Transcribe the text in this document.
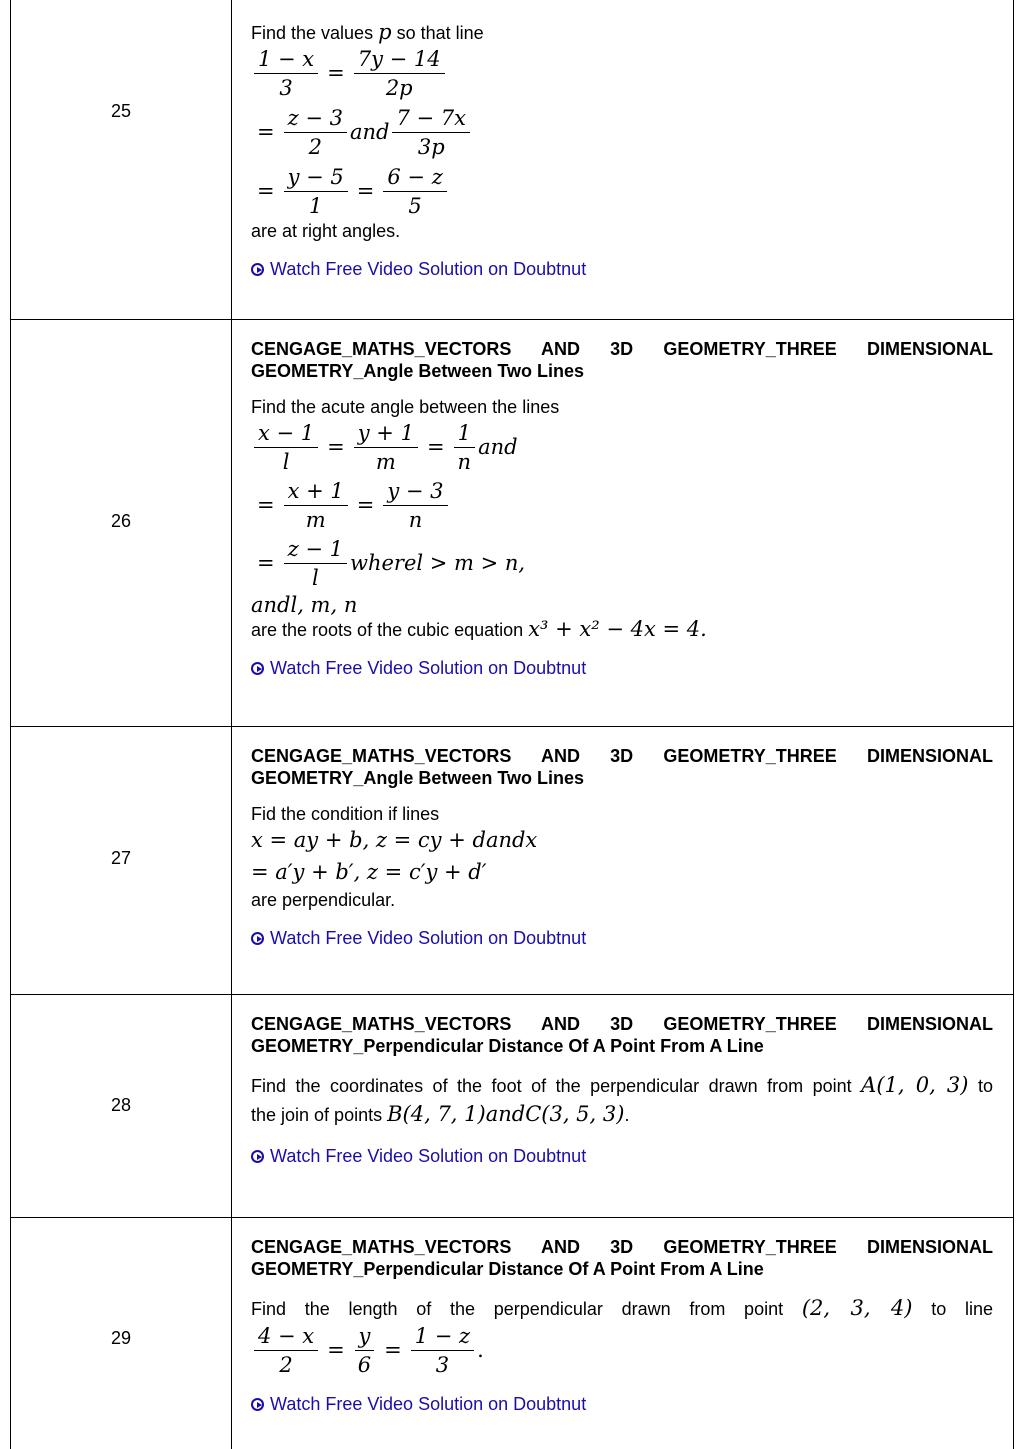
25
Find the values p so that line
$\frac{1 - x}{3} = \frac{7y - 14}{2p}$
= $\frac{z - 3}{2}$ and $\frac{7 - 7x}{3p}$
= $\frac{y - 5}{1} = \frac{6 - z}{5}$
are at right angles.
Watch Free Video Solution on Doubtnut
26
CENGAGE_MATHS_VECTORS AND 3D GEOMETRY_THREE DIMENSIONAL GEOMETRY_Angle Between Two Lines
Find the acute angle between the lines
$\frac{x - 1}{l} = \frac{y + 1}{m} = \frac{1}{n}$ and
= $\frac{x + 1}{m} = \frac{y - 3}{n}$
= $\frac{z - 1}{l}$ wherel > m > n,
andl, m, n
are the roots of the cubic equation x³ + x² − 4x = 4.
Watch Free Video Solution on Doubtnut
27
CENGAGE_MATHS_VECTORS AND 3D GEOMETRY_THREE DIMENSIONAL GEOMETRY_Angle Between Two Lines
Fid the condition if lines
x = ay + b, z = cy + dandx
= a′y + b′, z = c′y + d′
are perpendicular.
Watch Free Video Solution on Doubtnut
28
CENGAGE_MATHS_VECTORS AND 3D GEOMETRY_THREE DIMENSIONAL GEOMETRY_Perpendicular Distance Of A Point From A Line
Find the coordinates of the foot of the perpendicular drawn from point A(1, 0, 3) to
the join of points B(4, 7, 1)andC(3, 5, 3).
Watch Free Video Solution on Doubtnut
29
CENGAGE_MATHS_VECTORS AND 3D GEOMETRY_THREE DIMENSIONAL GEOMETRY_Perpendicular Distance Of A Point From A Line
Find the length of the perpendicular drawn from point (2, 3, 4) to line
$\frac{4 - x}{2} = \frac{y}{6} = \frac{1 - z}{3}$ .
Watch Free Video Solution on Doubtnut
